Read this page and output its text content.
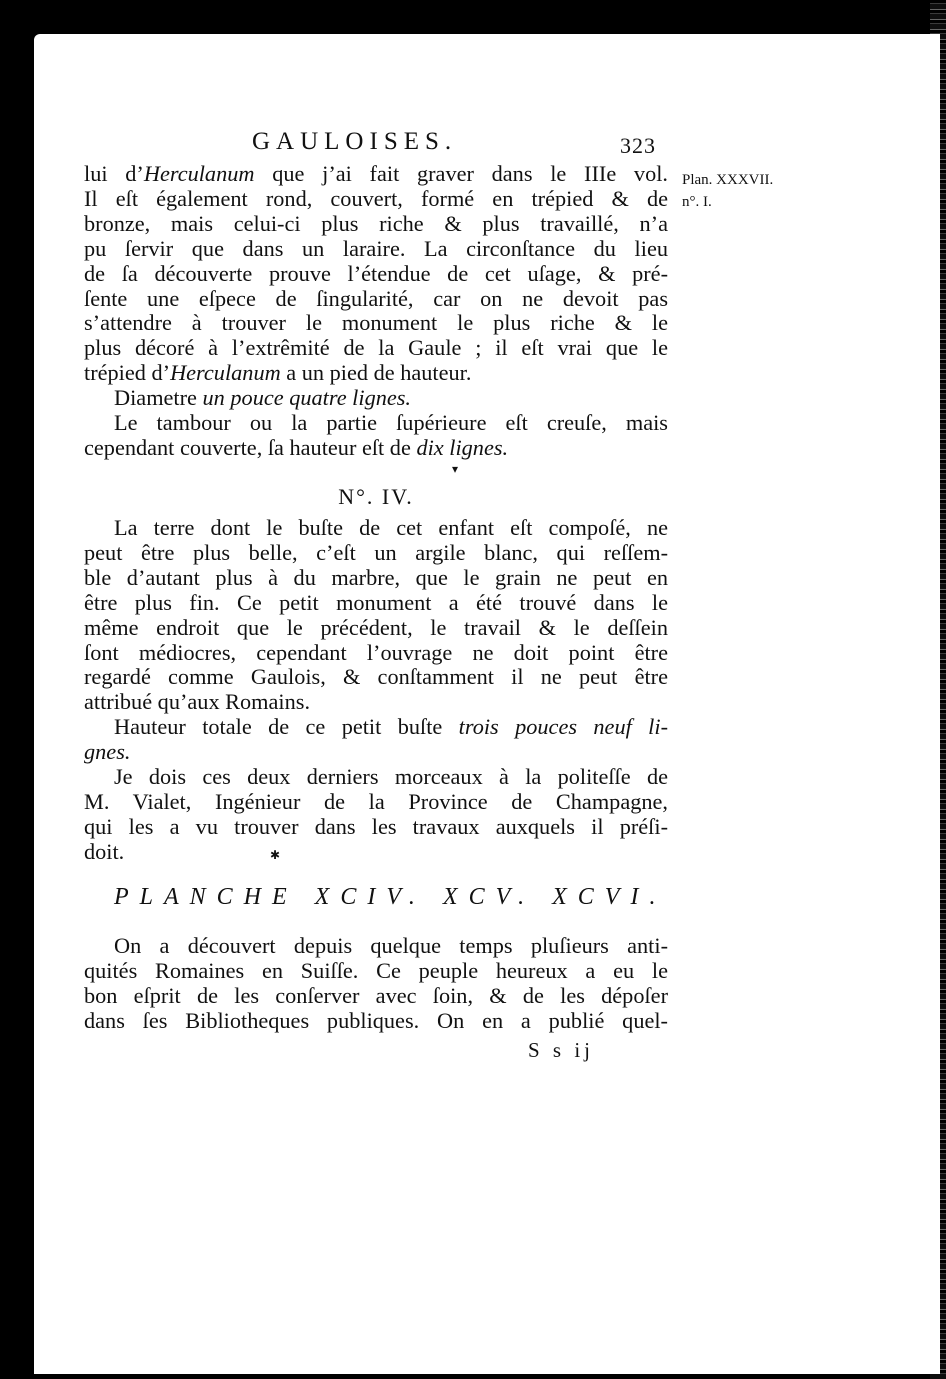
GAULOISES.	323
Plan. XXXVII.
n°. I.
lui d’Herculanum que j’ai fait graver dans le IIIe vol.
Il eſt également rond, couvert, formé en trépied & de
bronze, mais celui-ci plus riche & plus travaillé, n’a
pu ſervir que dans un laraire. La circonſtance du lieu
de ſa découverte prouve l’étendue de cet uſage, & pré-
ſente une eſpece de ſingularité, car on ne devoit pas
s’attendre à trouver le monument le plus riche & le
plus décoré à l’extrêmité de la Gaule ; il eſt vrai que le
trépied d’Herculanum a un pied de hauteur.
Diametre un pouce quatre lignes.
Le tambour ou la partie ſupérieure eſt creuſe, mais
cependant couverte, ſa hauteur eſt de dix lignes.
N°. IV.
La terre dont le buſte de cet enfant eſt compoſé, ne
peut être plus belle, c’eſt un argile blanc, qui reſſem-
ble d’autant plus à du marbre, que le grain ne peut en
être plus fin. Ce petit monument a été trouvé dans le
même endroit que le précédent, le travail & le deſſein
ſont médiocres, cependant l’ouvrage ne doit point être
regardé comme Gaulois, & conſtamment il ne peut être
attribué qu’aux Romains.
Hauteur totale de ce petit buſte trois pouces neuf li-
gnes.
Je dois ces deux derniers morceaux à la politeſſe de
M. Vialet, Ingénieur de la Province de Champagne,
qui les a vu trouver dans les travaux auxquels il préſi-
doit.
PLANCHE XCIV. XCV. XCVI.
On a découvert depuis quelque temps pluſieurs anti-
quités Romaines en Suiſſe. Ce peuple heureux a eu le
bon eſprit de les conſerver avec ſoin, & de les dépoſer
dans ſes Bibliotheques publiques. On en a publié quel-
S s ij
▾
✱
